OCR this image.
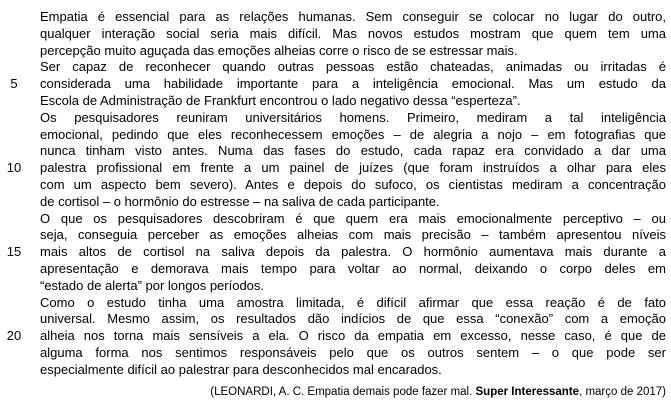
Empatia é essencial para as relações humanas. Sem conseguir se colocar no lugar do outro,
qualquer interação social seria mais difícil. Mas novos estudos mostram que quem tem uma
percepção muito aguçada das emoções alheias corre o risco de se estressar mais.
Ser capaz de reconhecer quando outras pessoas estão chateadas, animadas ou irritadas é
5	considerada uma habilidade importante para a inteligência emocional. Mas um estudo da
Escola de Administração de Frankfurt encontrou o lado negativo dessa “esperteza”.
Os pesquisadores reuniram universitários homens. Primeiro, mediram a tal inteligência
emocional, pedindo que eles reconhecessem emoções – de alegria a nojo – em fotografias que
nunca tinham visto antes. Numa das fases do estudo, cada rapaz era convidado a dar uma
10	palestra profissional em frente a um painel de juízes (que foram instruídos a olhar para eles
com um aspecto bem severo). Antes e depois do sufoco, os cientistas mediram a concentração
de cortisol – o hormônio do estresse – na saliva de cada participante.
O que os pesquisadores descobriram é que quem era mais emocionalmente perceptivo – ou
seja, conseguia perceber as emoções alheias com mais precisão – também apresentou níveis
15	mais altos de cortisol na saliva depois da palestra. O hormônio aumentava mais durante a
apresentação e demorava mais tempo para voltar ao normal, deixando o corpo deles em
“estado de alerta” por longos períodos.
Como o estudo tinha uma amostra limitada, é difícil afirmar que essa reação é de fato
universal. Mesmo assim, os resultados dão indícios de que essa “conexão” com a emoção
20	alheia nos torna mais sensíveis a ela. O risco da empatia em excesso, nesse caso, é que de
alguma forma nos sentimos responsáveis pelo que os outros sentem – o que pode ser
especialmente difícil ao palestrar para desconhecidos mal encarados.
(LEONARDI, A. C. Empatia demais pode fazer mal. Super Interessante, março de 2017)
